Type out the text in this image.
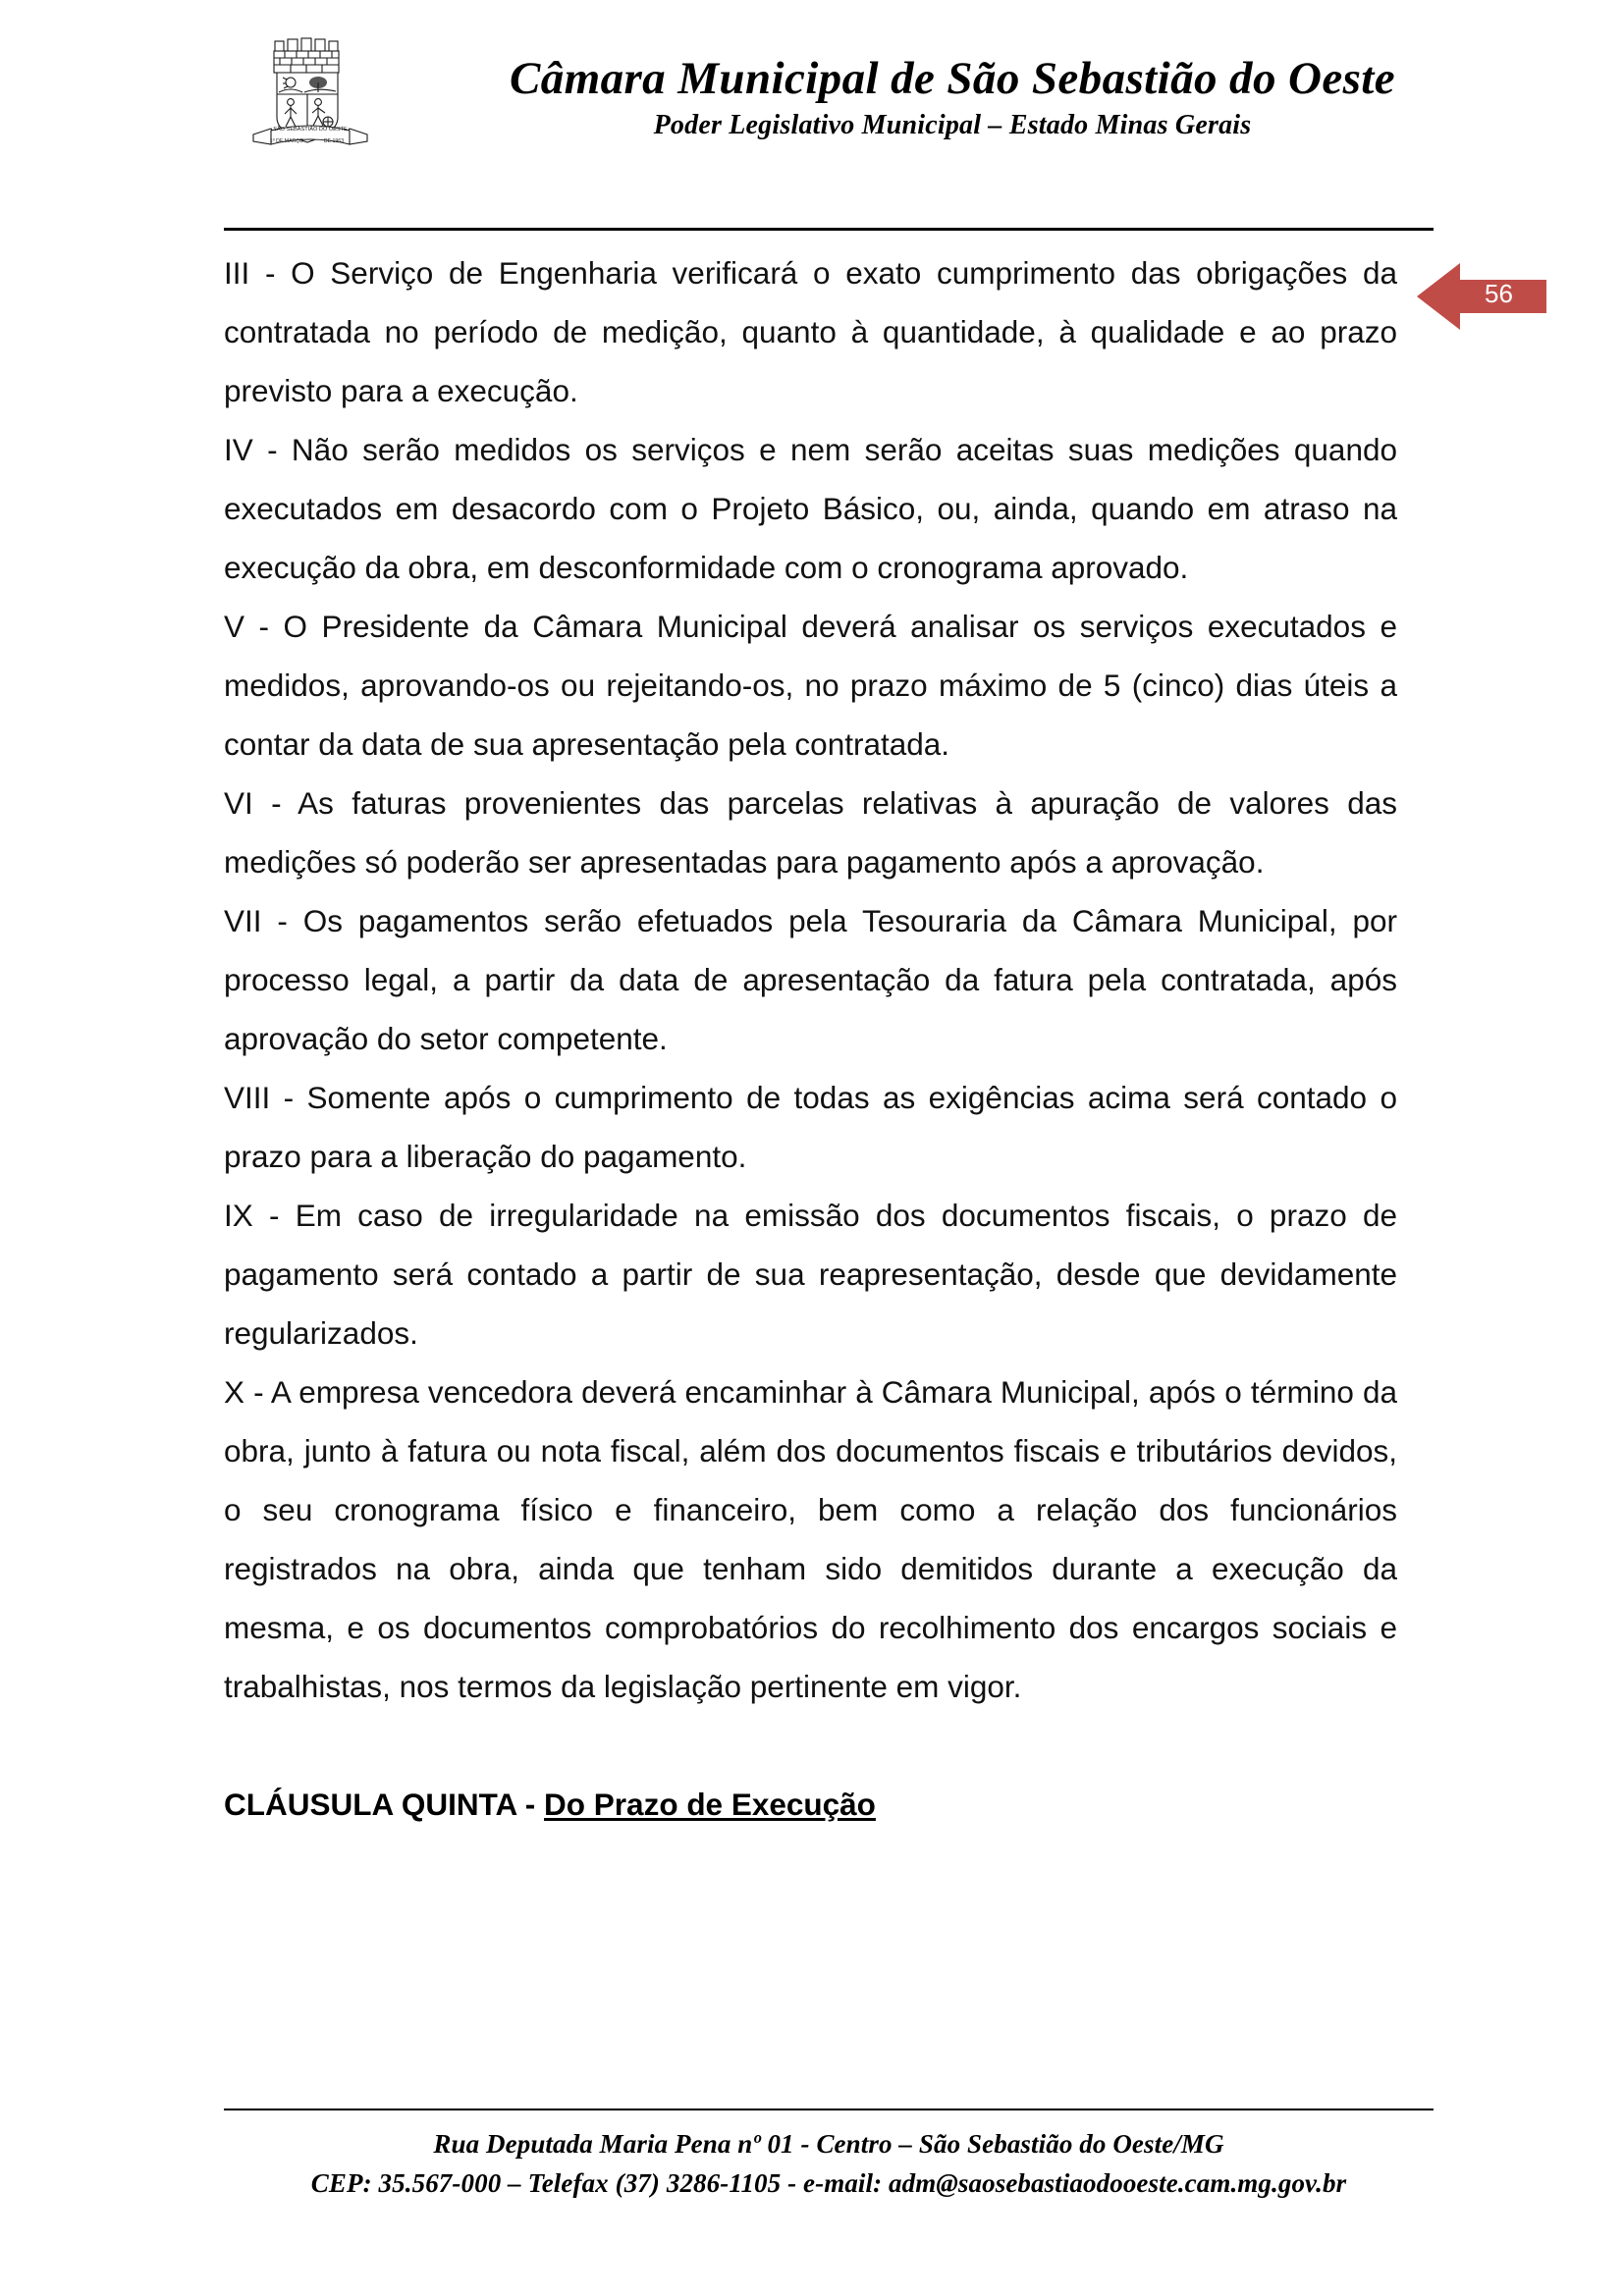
SÃO SEBASTIÃO DO OESTE
1º DE MARÇO	DE 1963
Câmara Municipal de São Sebastião do Oeste
Poder Legislativo Municipal – Estado Minas Gerais
56

III - O Serviço de Engenharia verificará o exato cumprimento das obrigações da contratada no período de medição, quanto à quantidade, à qualidade e ao prazo previsto para a execução.

IV - Não serão medidos os serviços e nem serão aceitas suas medições quando executados em desacordo com o Projeto Básico, ou, ainda, quando em atraso na execução da obra, em desconformidade com o cronograma aprovado.

V - O Presidente da Câmara Municipal deverá analisar os serviços executados e medidos, aprovando-os ou rejeitando-os, no prazo máximo de 5 (cinco) dias úteis a contar da data de sua apresentação pela contratada.

VI - As faturas provenientes das parcelas relativas à apuração de valores das medições só poderão ser apresentadas para pagamento após a aprovação.

VII - Os pagamentos serão efetuados pela Tesouraria da Câmara Municipal, por processo legal, a partir da data de apresentação da fatura pela contratada, após aprovação do setor competente.

VIII - Somente após o cumprimento de todas as exigências acima será contado o prazo para a liberação do pagamento.

IX - Em caso de irregularidade na emissão dos documentos fiscais, o prazo de pagamento será contado a partir de sua reapresentação, desde que devidamente regularizados.

X - A empresa vencedora deverá encaminhar à Câmara Municipal, após o término da obra, junto à fatura ou nota fiscal, além dos documentos fiscais e tributários devidos, o seu cronograma físico e financeiro, bem como a relação dos funcionários registrados na obra, ainda que tenham sido demitidos durante a execução da mesma, e os documentos comprobatórios do recolhimento dos encargos sociais e trabalhistas, nos termos da legislação pertinente em vigor.

CLÁUSULA QUINTA - Do Prazo de Execução

Rua Deputada Maria Pena nº 01 - Centro – São Sebastião do Oeste/MG
CEP: 35.567-000 – Telefax (37) 3286-1105 - e-mail: adm@saosebastiaodooeste.cam.mg.gov.br
